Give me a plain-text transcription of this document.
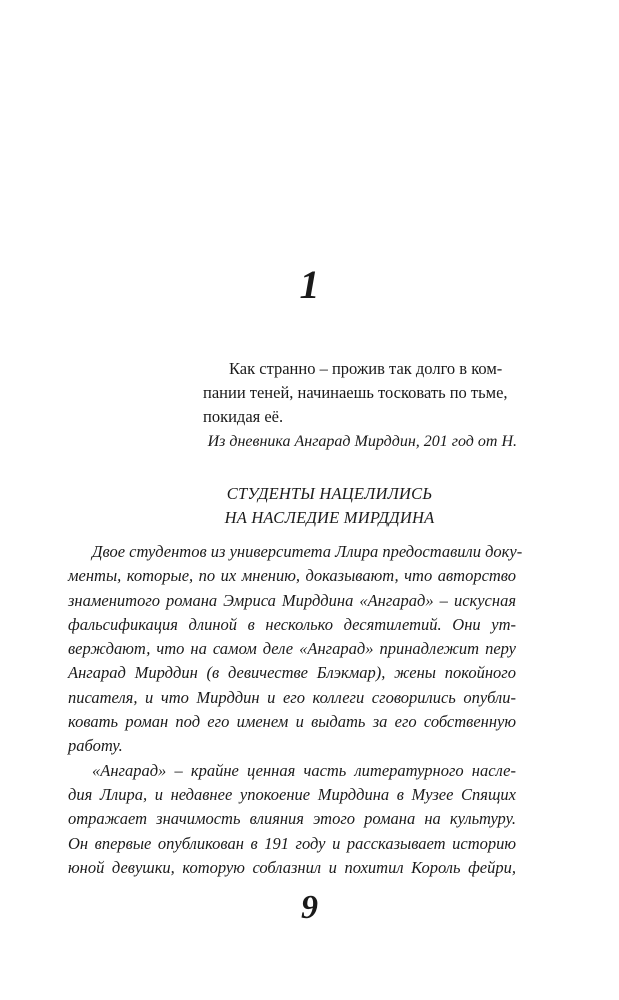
1
Как странно – прожив так долго в ком-
пании теней, начинаешь тосковать по тьме,
покидая её.
Из дневника Ангарад Мирддин, 201 год от Н.
СТУДЕНТЫ НАЦЕЛИЛИСЬ
НА НАСЛЕДИЕ МИРДДИНА
Двое студентов из университета Ллира предоставили доку-
менты, которые, по их мнению, доказывают, что авторство
знаменитого романа Эмриса Мирддина «Ангарад» – искусная
фальсификация длиной в несколько десятилетий. Они ут-
верждают, что на самом деле «Ангарад» принадлежит перу
Ангарад Мирддин (в девичестве Блэкмар), жены покойного
писателя, и что Мирддин и его коллеги сговорились опубли-
ковать роман под его именем и выдать за его собственную
работу.
«Ангарад» – крайне ценная часть литературного насле-
дия Ллира, и недавнее упокоение Мирддина в Музее Спящих
отражает значимость влияния этого романа на культуру.
Он впервые опубликован в 191 году и рассказывает историю
юной девушки, которую соблазнил и похитил Король фейри,
9
